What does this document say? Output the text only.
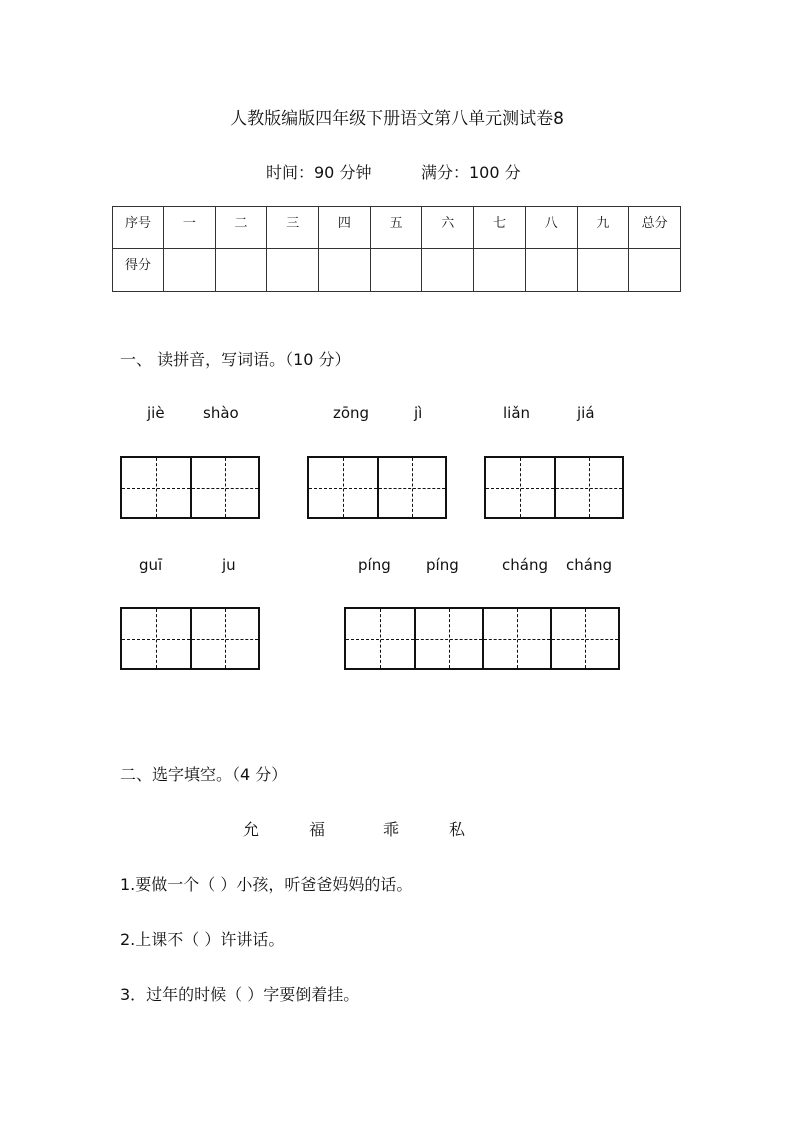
人教版编版四年级下册语文第八单元测试卷8
时间：90 分钟	满分：100 分
序号	一	二	三	四	五	六	七	八	九	总分
得分										
一、 读拼音，写词语。（10 分）
jiè	shào	zōng	jì	liǎn	jiá
guī	ju	píng píng	cháng cháng
二、选字填空。（4 分）
允	福	乖	私
1.要做一个（ ）小孩，听爸爸妈妈的话。
2.上课不（ ）许讲话。
3．过年的时候（ ）字要倒着挂。
